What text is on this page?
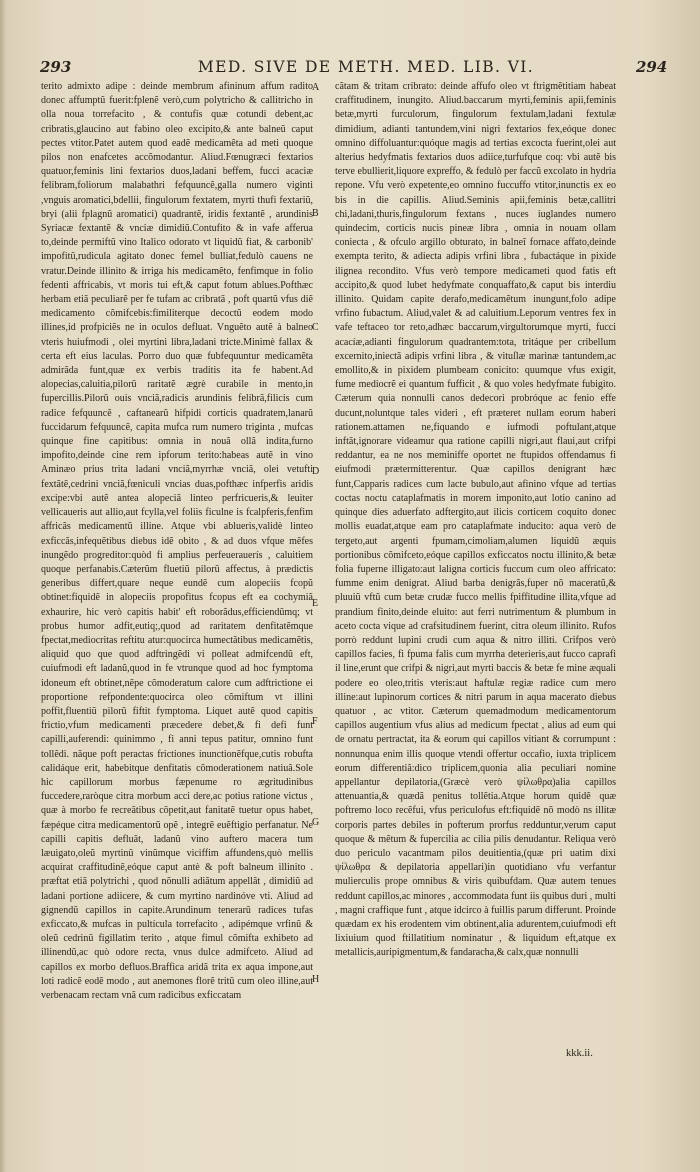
293	MED. SIVE DE METH. MED. LIB. VI.	294

terito admixto adipe : deinde membrum afininum affum radito donec affumptũ fuerit:fplenẽ verò,cum polytricho & callitricho in olla noua torrefacito , & contufis quæ cotundi debent,ac cribratis,glaucino aut fabino oleo excipito,& ante balneũ caput pectes vtitor.Patet autem quod eadẽ medicamẽta ad meti quoque pilos non enafcetes accõmodantur. Aliud.Fœnugræci fextarios quatuor,feminis lini fextarios duos,ladani beffem, fucci acaciæ felibram,foliorum malabathri fefquuncẽ,galla numero viginti ,vnguis aromatici,bdellii, fingulorum fextatem, myrti thufi fextariũ, bryi (alii fplagnũ aromatici) quadrantẽ, iridis fextantẽ , arundinis Syriacæ fextantẽ & vnciæ dimidiũ.Contufito & in vafe afferua to,deinde permiftũ vino Italico odorato vt liquidũ fiat, & carbonib' impofitũ,rudicula agitato donec femel bulliat,fedulò cauens ne vratur.Deinde illinito & irriga his medicamẽto, fenfimque in folio fedenti affricabis, vt moris tui eft,& caput fotum ablues.Pofthæc herbam etiã peculiarẽ per fe tufam ac cribratã , poft quartũ vfus diẽ medicamento cõmifcebis:fimiliterque decoctũ eodem modo illines,id profpiciẽs ne in oculos defluat. Vnguẽto autẽ à balneo vteris huiufmodi , olei myrtini libra,ladani tricte.Minimè fallax & certa eft eius laculas. Porro duo quæ fubfequuntur medicamẽta admirãda funt,quæ ex verbis traditis ita fe habent.Ad alopecias,caluitia,pilorũ raritatẽ ægrè curabile in mento,in fupercillis.Pilorũ ouis vnciã,radicis arundinis felibrã,filicis cum radice fefquuncẽ , caftanearũ hifpidi corticis quadratem,lanarũ fuccidarum fefquuncẽ, capita mufca rum numero triginta , mufcas quinque fine capitibus: omnia in nouã ollã indita,furno impofito,deinde cine rem ipforum terito:habeas autẽ in vino Aminæo prius trita ladani vnciã,myrrhæ vnciã, olei vetufti fextãtẽ,cedrini vnciã,fœniculi vncias duas,pofthæc infperfis aridis excipe:vbi autẽ antea alopeciã linteo perfricueris,& leuiter vellicaueris aut allio,aut fcylla,vel foliis ficulne is fcalpferis,fenfim affricãs medicamentũ illine. Atque vbi ablueris,validè linteo exficcãs,infequẽtibus diebus idẽ obito , & ad duos vfque mẽfes inungẽdo progreditor:quòd fi amplius perfeuerauerís , caluitiem quoque perfanabis.Cæterũm fluetiũ pilorũ affectus, à prædictis generibus differt,quare neque eundẽ cum alopeciis fcopũ obtinet:fiquidẽ in alopeciis propofitus fcopus eft ea cochymiã exhaurire, hic verò capitis habit' eft roborãdus,efficiendũmq; vt probus humor adfit,eutiq;,quod ad raritatem denfitatẽmque fpectat,mediocritas reftitu atur:quocirca humectãtibus medicamẽtis, aliquid quo que quod adftringẽdi vi polleat admifcendũ eft, cuiufmodi eft ladanũ,quod in fe vtrunque quod ad hoc fymptoma idoneum eft obtinet,nẽpe cõmoderatum calore cum adftrictione ei proportione refpondente:quocirca oleo cõmiftum vt illini poffit,fluentiũ pilorũ fiftit fymptoma. Liquet autẽ quod capitis frictio,vfum medicamenti præcedere debet,& fi defi funt capilli,auferendi: quinimmo , fi anni tepus patitur, omnino funt tollẽdi. nãque poft peractas frictiones inunctionẽfque,cutis robufta calidáque erit, habebitque denfitatis cõmoderationem natiuã.Sole hic capillorum morbus fæpenume ro ægritudinibus fuccedere,raròque citra morbum acci dere,ac potius ratione victus , quæ à morbo fe recreãtibus cõpetit,aut fanitatẽ tuetur opus habet, fæpéque citra medicamentorũ opẽ , integrẽ euẽftigio perfanatur. Ne capilli capitis defluãt, ladanũ vino auftero macera tum læuigato,oleũ myrtinũ vinũmque viciffim affundens,quò mellis acquirat craffitudinẽ,eóque caput antè & poft balneum illinito . præftat etiã polytrichi , quod nõnulli adiãtum appellãt , dimidiũ ad ladani portione adiicere, & cum myrtino nardinóve vti. Aliud ad gignendũ capillos in capite.Arundinum tenerarũ radices tufas exficcato,& mufcas in pultícula torrefacito , adipémque vrfinũ & oleũ cedrinũ figillatim terito , atque fimul cõmifta exhibeto ad illinendũ,ac quò odore recta, vnus dulce admifceto. Aliud ad capillos ex morbo defluos.Braffica aridã trita ex aqua impone,aut loti radicẽ eodẽ modo , aut anemones florẽ tritũ cum oleo illine,aut verbenacam rectam vnã cum radicibus exficcatam

A
B
C
D
E
F
G
H

cãtam & tritam cribrato: deinde affufo oleo vt ftrigmẽtitiam habeat craffitudinem, inungito. Aliud.baccarum myrti,feminis apii,feminis betæ,myrti furculorum, fingulorum fextulam,ladani fextulæ dimidium, adianti tantundem,vini nigri fextarios fex,eóque donec omnino diffoluantur:quóque magis ad tertias excocta fuerint,olei aut alterius hedyfmatis fextarios duos adiice,turfufque coq: vbi autẽ bis terve ebullierit,liquore expreffo, & fedulò per faccũ excolato in hydria repone. Vfu verò expetente,eo omnino fuccuffo vtitor,inunctis ex eo bis in die capillis. Aliud.Seminis apii,feminis betæ,callitri chi,ladani,thuris,fingulorum fextans , nuces iuglandes numero quindecim, corticis nucis pineæ libra , omnia in nouam ollam coniecta , & ofculo argillo obturato, in balneĩ fornace affato,deinde exempta terito, & adiecta adipis vrfini libra , fubactáque in pixide ilignea recondito. Vfus verò tempore medicameti quod fatis eft accipito,& quod lubet hedyfmate conquaffato,& caput bis interdiu illinito. Quidam capite derafo,medicamẽtum inungunt,folo adipe vrfino fubactum. Aliud,valet & ad caluitium.Leporum ventres fex in vafe teftaceo tor reto,adhæc baccarum,virgultorumque myrti, fucci acacíæ,adianti fingulorum quadrantem:tota, tritáque per cribellum excernito,iniectã adipis vrfini libra , & vituſlæ marinæ tantundem,ac emollito,& in pixidem plumbeam conicito: quumque vfus exigit, fume mediocrẽ ei quantum fufficit , & quo voles hedyfmate fubigito. Cæterum quia nonnulli canos dedecori probróque ac fenio effe ducunt,noluntque tales videri , eft præteret nullam eorum haberi rationem.attamen ne,fiquando e iufmodi poftulant,atque inftãt,ignorare videamur qua ratione capilli nigri,aut flaui,aut crifpi reddantur, ea ne nos meminiffe oportet ne ftupidos offendamus fi eiufmodi prætermitterentur. Quæ capillos denigrant hæc funt,Capparis radices cum lacte bubulo,aut afinino vfque ad tertias coctas noctu cataplafmatis in morem imponito,aut lotio canino ad quinque dies aduerfato adftergito,aut ilicis corticem coquito donec mollis euadat,atque eam pro cataplafmate inducito: aqua verò de tergeto,aut argenti fpumam,cimoliam,alumen liquidũ æquis portionibus cõmifceto,eóque capillos exficcatos noctu illinito,& betæ folia fuperne illigato:aut laligna corticis fuccum cum oleo affricato: fumme enim denigrat. Aliud barba denigrãs,fuper nõ maceratũ,& pluuiũ vftũ cum betæ crudæ fucco mellis fpiffitudine illita,vfque ad prandium finito,deinde eluito: aut ferri nutrimentum & plumbum in aceto cocta vique ad crafsitudinem fuerint, citra oleum illinito. Rufos porrò reddunt lupini crudi cum aqua & nitro illiti. Crifpos verò capillos facies, fi fpuma falis cum myrrha deterieris,aut fucco caprafi il line,erunt que crifpi & nigri,aut myrti baccis & betæ fe mine æquali podere eo oleo,tritis vteris:aut haftulæ regiæ radice cum mero illine:aut lupinorum cortices & nitri parum in aqua macerato diebus quatuor , ac vtitor. Cæterum quemadmodum medicamentorum capillos augentium vfus alius ad medicum fpectat , alius ad eum qui de ornatu pertractat, ita & eorum qui capillos vitiant & corrumpunt : nonnunqua enim illis quoque vtendi offertur occafio, iuxta triplicem eorum differentiã:dico triplicem,quonia alia peculiari nomine appellantur depilatoria,(Græcè verò ψίλωθρα)alia capillos attenuantia,& quædã penitus tollẽtia.Atque horum quidẽ quæ poftremo loco recẽfui, vfus periculofus eft:fiquidẽ nõ modò ns illitæ corporis partes debiles in pofterum prorfus redduntur,verum caput quoque & mẽtum & fupercilia ac cilia pilis denudantur. Reliqua verò duo periculo vacantmam pilos deuitientia,(quæ pri uatim dixi ψίλωθρα & depilatoria appellari)in quotidiano vfu verfantur mulierculis prope omnibus & viris quibufdam. Quæ autem tenues reddunt capillos,ac minores , accommodata funt iis quibus duri , multi , magni craffique funt , atque idcirco à fuillis parum differunt. Proinde quædam ex his erodentem vim obtinent,alia adurentem,cuiufmodi eft lixiuium quod ftillatitium nominatur , & liquidum eft,atque ex metallicis,auripigmentum,& fandaracha,& calx,quæ nonnulli

kkk.ii.
